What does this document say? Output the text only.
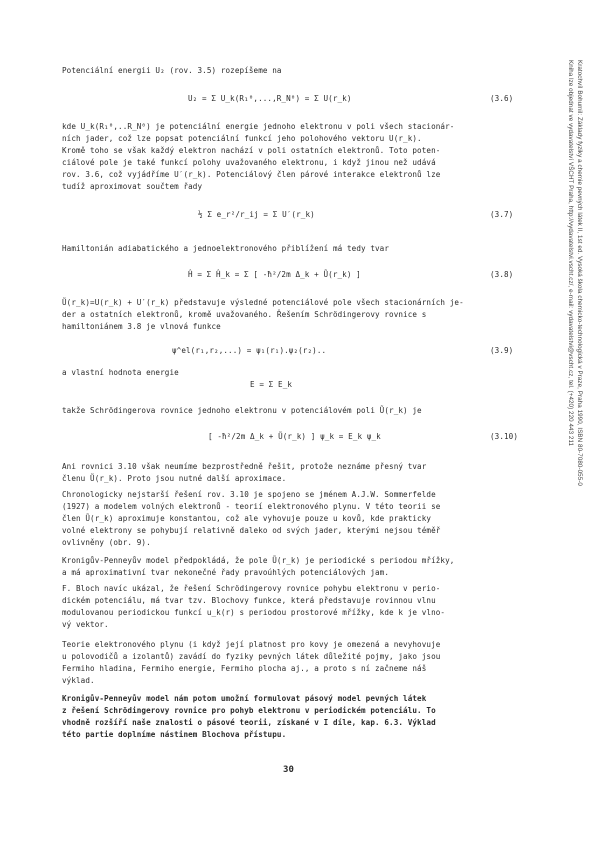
Kratochvíl Bohumil: Základy fyziky a chemie pevných látek II, 1st ed. Vysoká škola chemicko-technologická v Praze, Praha 1990, ISBN 80-7080-055-0
Kniha lze objednat ve vydavatelství VŠCHT Praha, http://vydavatelstvi.vscht.cz/, e-mail: vydavatelstvi@vscht.cz, tel. (+420) 220 443 211
Potenciální energii U₂ (rov. 3.5) rozepíšeme na
U₂ = Σ U_k(R₁⁰,...,R_N⁰) = Σ U(r_k)	(3.6)
kde U_k(R₁⁰,..R_N⁰) je potenciální energie jednoho elektronu v poli všech stacionár-
ních jader, což lze popsat potenciální funkcí jeho polohového vektoru U(r_k).
Kromě toho se však každý elektron nachází v poli ostatních elektronů. Toto poten-
ciálové pole je také funkcí polohy uvažovaného elektronu, i když jinou než udává
rov. 3.6, což vyjádříme U′(r_k). Potenciálový člen párové interakce elektronů lze
tudíž aproximovat součtem řady
½ Σ e_r²/r_ij = Σ U′(r_k)	(3.7)
Hamiltonián adiabatického a jednoelektronového přiblížení má tedy tvar
Ĥ = Σ Ĥ_k = Σ [ -ħ²/2m Δ_k + Ũ(r_k) ]	(3.8)
Ũ(r_k)=U(r_k) + U′(r_k) představuje výsledné potenciálové pole všech stacionárních je-
der a ostatních elektronů, kromě uvažovaného. Řešením Schrödingerovy rovnice s
hamiltoniánem 3.8 je vlnová funkce
ψ^el(r₁,r₂,...) = ψ₁(r₁).ψ₂(r₂)..	(3.9)
a vlastní hodnota energie
E = Σ E_k
takže Schrödingerova rovnice jednoho elektronu v potenciálovém poli Ũ(r_k) je
[ -ħ²/2m Δ_k + Ũ(r_k) ] ψ_k = E_k ψ_k	(3.10)
Ani rovnici 3.10 však neumíme bezprostředně řešit, protože neznáme přesný tvar
členu Ũ(r_k). Proto jsou nutné další aproximace.
Chronologicky nejstarší řešení rov. 3.10 je spojeno se jménem A.J.W. Sommerfelde
(1927) a modelem volných elektronů - teorií elektronového plynu. V této teorii se
člen Ũ(r_k) aproximuje konstantou, což ale vyhovuje pouze u kovů, kde prakticky
volné elektrony se pohybují relativně daleko od svých jader, kterými nejsou téměř
ovlivněny (obr. 9).
Kronigův-Penneyův model předpokládá, že pole Ũ(r_k) je periodické s periodou mřížky,
a má aproximativní tvar nekonečné řady pravoúhlých potenciálových jam.
F. Bloch navíc ukázal, že řešení Schrödingerovy rovnice pohybu elektronu v perio-
dickém potenciálu, má tvar tzv. Blochovy funkce, která představuje rovinnou vlnu
modulovanou periodickou funkcí u_k(r) s periodou prostorové mřížky, kde k je vlno-
vý vektor.
Teorie elektronového plynu (i když její platnost pro kovy je omezená a nevyhovuje
u polovodičů a izolantů) zavádí do fyziky pevných látek důležité pojmy, jako jsou
Fermiho hladina, Fermiho energie, Fermiho plocha aj., a proto s ní začneme náš
výklad.
Kronigův-Penneyův model nám potom umožní formulovat pásový model pevných látek
z řešení Schrödingerovy rovnice pro pohyb elektronu v periodickém potenciálu. To
vhodně rozšíří naše znalosti o pásové teorii, získané v I díle, kap. 6.3. Výklad
této partie doplníme nástinem Blochova přístupu.
30
